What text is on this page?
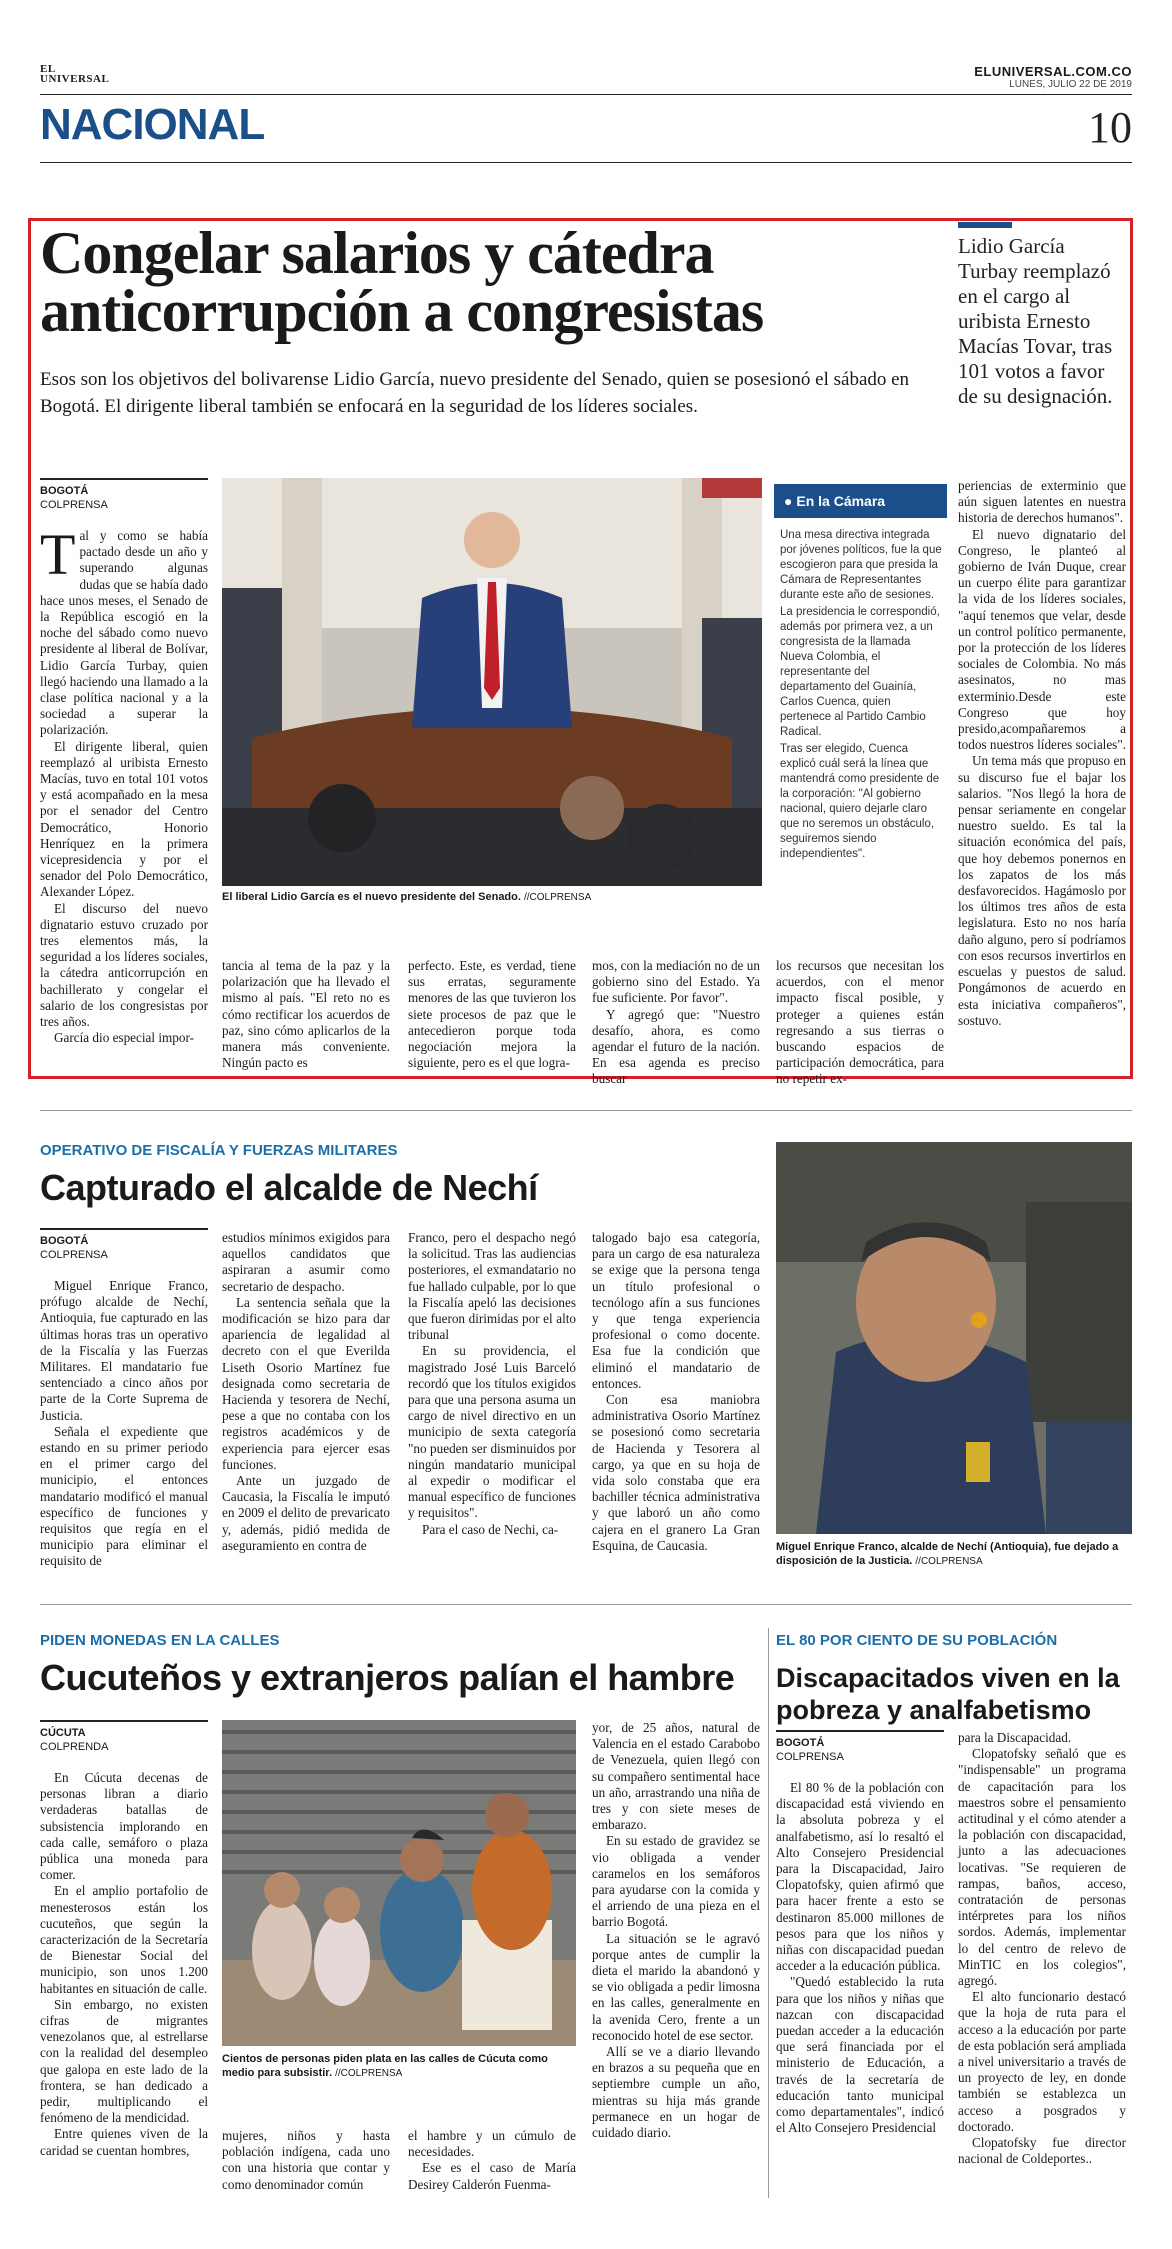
EL UNIVERSAL	ELUNIVERSAL.COM.CO
LUNES, JULIO 22 DE 2019
NACIONAL	10
Congelar salarios y cátedra anticorrupción a congresistas
Esos son los objetivos del bolivarense Lidio García, nuevo presidente del Senado, quien se posesionó el sábado en Bogotá. El dirigente liberal también se enfocará en la seguridad de los líderes sociales.
Lidio García Turbay reemplazó en el cargo al uribista Ernesto Macías Tovar, tras 101 votos a favor de su designación.
BOGOTÁ
COLPRENSA

Tal y como se había pactado desde un año y superando algunas dudas que se había dado hace unos meses, el Senado de la República escogió en la noche del sábado como nuevo presidente al liberal de Bolívar, Lidio García Turbay, quien llegó haciendo una llamado a la clase política nacional y a la sociedad a superar la polarización.

El dirigente liberal, quien reemplazó al uribista Ernesto Macías, tuvo en total 101 votos y está acompañado en la mesa por el senador del Centro Democrático, Honorio Henríquez en la primera vicepresidencia y por el senador del Polo Democrático, Alexander López.

El discurso del nuevo dignatario estuvo cruzado por tres elementos más, la seguridad a los líderes sociales, la cátedra anticorrupción en bachillerato y congelar el salario de los congresistas por tres años.

García dio especial impor-

El liberal Lidio García es el nuevo presidente del Senado. //COLPRENSA
● En la Cámara

Una mesa directiva integrada por jóvenes políticos, fue la que escogieron para que presida la Cámara de Representantes durante este año de sesiones.

La presidencia le correspondió, además por primera vez, a un congresista de la llamada Nueva Colombia, el representante del departamento del Guainía, Carlos Cuenca, quien pertenece al Partido Cambio Radical.

Tras ser elegido, Cuenca explicó cuál será la línea que mantendrá como presidente de la corporación: "Al gobierno nacional, quiero dejarle claro que no seremos un obstáculo, seguiremos siendo independientes".

tancia al tema de la paz y la polarización que ha llevado el mismo al país. "El reto no es cómo rectificar los acuerdos de paz, sino cómo aplicarlos de la manera más conveniente. Ningún pacto es

perfecto. Este, es verdad, tiene sus erratas, seguramente menores de las que tuvieron los siete procesos de paz que le antecedieron porque toda negociación mejora la siguiente, pero es el que logra-

mos, con la mediación no de un gobierno sino del Estado. Ya fue suficiente. Por favor".

Y agregó que: "Nuestro desafío, ahora, es como agendar el futuro de la nación. En esa agenda es preciso buscar

los recursos que necesitan los acuerdos, con el menor impacto fiscal posible, y proteger a quienes están regresando a sus tierras o buscando espacios de participación democrática, para no repetir ex-

periencias de exterminio que aún siguen latentes en nuestra historia de derechos humanos".

El nuevo dignatario del Congreso, le planteó al gobierno de Iván Duque, crear un cuerpo élite para garantizar la vida de los líderes sociales, "aquí tenemos que velar, desde un control político permanente, por la protección de los líderes sociales de Colombia. No más asesinatos, no mas exterminio.Desde este Congreso que hoy presido,acompañaremos a todos nuestros líderes sociales".

Un tema más que propuso en su discurso fue el bajar los salarios. "Nos llegó la hora de pensar seriamente en congelar nuestro sueldo. Es tal la situación económica del país, que hoy debemos ponernos en los zapatos de los más desfavorecidos. Hagámoslo por los últimos tres años de esta legislatura. Esto no nos haría daño alguno, pero sí podríamos con esos recursos invertirlos en escuelas y puestos de salud. Pongámonos de acuerdo en esta iniciativa compañeros", sostuvo.

OPERATIVO DE FISCALÍA Y FUERZAS MILITARES
Capturado el alcalde de Nechí
BOGOTÁ
COLPRENSA

Miguel Enrique Franco, prófugo alcalde de Nechí, Antioquia, fue capturado en las últimas horas tras un operativo de la Fiscalía y las Fuerzas Militares. El mandatario fue sentenciado a cinco años por parte de la Corte Suprema de Justicia.

Señala el expediente que estando en su primer periodo en el primer cargo del municipio, el entonces mandatario modificó el manual específico de funciones y requisitos que regía en el municipio para eliminar el requisito de

estudios mínimos exigidos para aquellos candidatos que aspiraran a asumir como secretario de despacho.

La sentencia señala que la modificación se hizo para dar apariencia de legalidad al decreto con el que Everilda Liseth Osorio Martínez fue designada como secretaria de Hacienda y tesorera de Nechí, pese a que no contaba con los registros académicos y de experiencia para ejercer esas funciones.

Ante un juzgado de Caucasia, la Fiscalía le imputó en 2009 el delito de prevaricato y, además, pidió medida de aseguramiento en contra de

Franco, pero el despacho negó la solicitud. Tras las audiencias posteriores, el exmandatario no fue hallado culpable, por lo que la Fiscalía apeló las decisiones que fueron dirimidas por el alto tribunal

En su providencia, el magistrado José Luis Barceló recordó que los títulos exigidos para que una persona asuma un cargo de nivel directivo en un municipio de sexta categoría "no pueden ser disminuidos por ningún mandatario municipal al expedir o modificar el manual específico de funciones y requisitos".

Para el caso de Nechi, ca-

talogado bajo esa categoría, para un cargo de esa naturaleza se exige que la persona tenga un título profesional o tecnólogo afín a sus funciones y que tenga experiencia profesional o como docente. Esa fue la condición que eliminó el mandatario de entonces.

Con esa maniobra administrativa Osorio Martínez se posesionó como secretaria de Hacienda y Tesorera al cargo, ya que en su hoja de vida solo constaba que era bachiller técnica administrativa y que laboró un año como cajera en el granero La Gran Esquina, de Caucasia.	Miguel Enrique Franco, alcalde de Nechí (Antioquia), fue dejado a disposición de la Justicia. //COLPRENSA
PIDEN MONEDAS EN LA CALLES
Cucuteños y extranjeros palían el hambre
CÚCUTA
COLPRENDA

En Cúcuta decenas de personas libran a diario verdaderas batallas de subsistencia implorando en cada calle, semáforo o plaza pública una moneda para comer.

En el amplio portafolio de menesterosos están los cucuteños, que según la caracterización de la Secretaría de Bienestar Social del municipio, son unos 1.200 habitantes en situación de calle.

Sin embargo, no existen cifras de migrantes venezolanos que, al estrellarse con la realidad del desempleo que galopa en este lado de la frontera, se han dedicado a pedir, multiplicando el fenómeno de la mendicidad.

Entre quienes viven de la caridad se cuentan hombres,

Cientos de personas piden plata en las calles de Cúcuta como medio para subsistir. //COLPRENSA

mujeres, niños y hasta población indígena, cada uno con una historia que contar y como denominador común

el hambre y un cúmulo de necesidades.

Ese es el caso de María Desirey Calderón Fuenma-

yor, de 25 años, natural de Valencia en el estado Carabobo de Venezuela, quien llegó con su compañero sentimental hace un año, arrastrando una niña de tres y con siete meses de embarazo.

En su estado de gravidez se vio obligada a vender caramelos en los semáforos para ayudarse con la comida y el arriendo de una pieza en el barrio Bogotá.

La situación se le agravó porque antes de cumplir la dieta el marido la abandonó y se vio obligada a pedir limosna en las calles, generalmente en la avenida Cero, frente a un reconocido hotel de ese sector.

Allí se ve a diario llevando en brazos a su pequeña que en septiembre cumple un año, mientras su hija más grande permanece en un hogar de cuidado diario.

EL 80 POR CIENTO DE SU POBLACIÓN
Discapacitados viven en la pobreza y analfabetismo
BOGOTÁ
COLPRENSA

El 80 % de la población con discapacidad está viviendo en la absoluta pobreza y el analfabetismo, así lo resaltó el Alto Consejero Presidencial para la Discapacidad, Jairo Clopatofsky, quien afirmó que para hacer frente a esto se destinaron 85.000 millones de pesos para que los niños y niñas con discapacidad puedan acceder a la educación pública.

"Quedó establecido la ruta para que los niños y niñas que nazcan con discapacidad puedan acceder a la educación que será financiada por el ministerio de Educación, a través de la secretaría de educación tanto municipal como departamentales", indicó el Alto Consejero Presidencial

para la Discapacidad.

Clopatofsky señaló que es "indispensable" un programa de capacitación para los maestros sobre el pensamiento actitudinal y el cómo atender a la población con discapacidad, junto a las adecuaciones locativas. "Se requieren de rampas, baños, acceso, contratación de personas intérpretes para los niños sordos. Además, implementar lo del centro de relevo de MinTIC en los colegios", agregó.

El alto funcionario destacó que la hoja de ruta para el acceso a la educación por parte de esta población será ampliada a nivel universitario a través de un proyecto de ley, en donde también se establezca un acceso a posgrados y doctorado.

Clopatofsky fue director nacional de Coldeportes..
